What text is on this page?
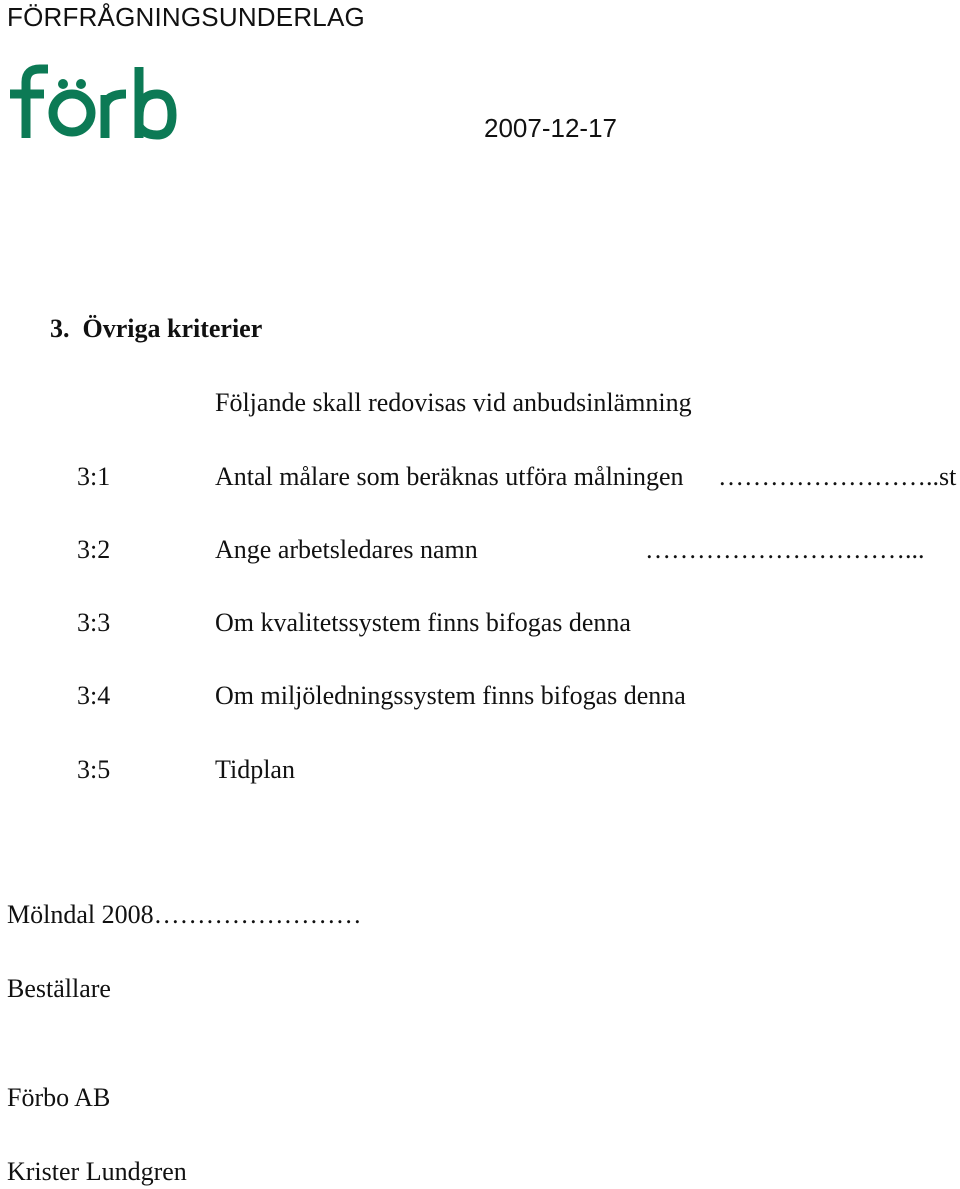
FÖRFRÅGNINGSUNDERLAG
2007-12-17
3.  Övriga kriterier
Följande skall redovisas vid anbudsinlämning
3:1	Antal målare som beräknas utföra målningen ……………………..st
3:2	Ange arbetsledares namn	…………………………...
3:3	Om kvalitetssystem finns bifogas denna
3:4	Om miljöledningssystem finns bifogas denna
3:5	Tidplan
Mölndal 2008……………………
Beställare
Förbo AB
Krister Lundgren
